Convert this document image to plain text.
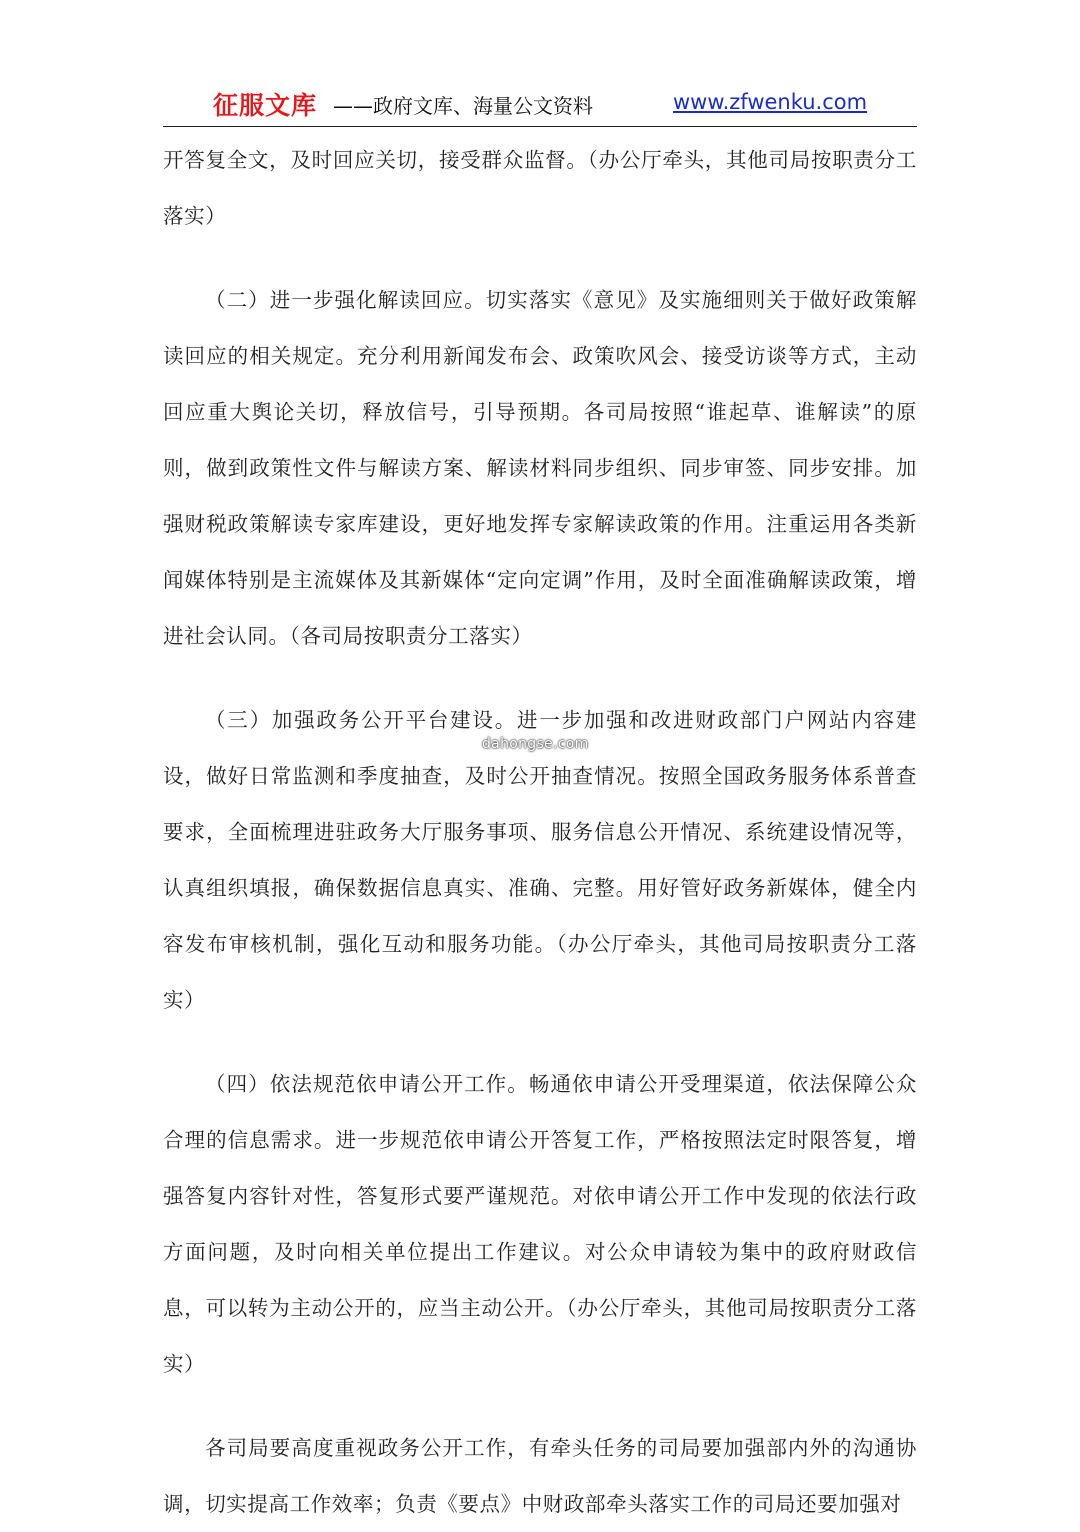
征服文库 ——政府文库、海量公文资料	www.zfwenku.com

开答复全文，及时回应关切，接受群众监督。（办公厅牵头，其他司局按职责分工落实）

（二）进一步强化解读回应。切实落实《意见》及实施细则关于做好政策解读回应的相关规定。充分利用新闻发布会、政策吹风会、接受访谈等方式，主动回应重大舆论关切，释放信号，引导预期。各司局按照“谁起草、谁解读”的原则，做到政策性文件与解读方案、解读材料同步组织、同步审签、同步安排。加强财税政策解读专家库建设，更好地发挥专家解读政策的作用。注重运用各类新闻媒体特别是主流媒体及其新媒体“定向定调”作用，及时全面准确解读政策，增进社会认同。（各司局按职责分工落实）

（三）加强政务公开平台建设。进一步加强和改进财政部门户网站内容建设，做好日常监测和季度抽查，及时公开抽查情况。按照全国政务服务体系普查要求，全面梳理进驻政务大厅服务事项、服务信息公开情况、系统建设情况等，认真组织填报，确保数据信息真实、准确、完整。用好管好政务新媒体，健全内容发布审核机制，强化互动和服务功能。（办公厅牵头，其他司局按职责分工落实）

（四）依法规范依申请公开工作。畅通依申请公开受理渠道，依法保障公众合理的信息需求。进一步规范依申请公开答复工作，严格按照法定时限答复，增强答复内容针对性，答复形式要严谨规范。对依申请公开工作中发现的依法行政方面问题，及时向相关单位提出工作建议。对公众申请较为集中的政府财政信息，可以转为主动公开的，应当主动公开。（办公厅牵头，其他司局按职责分工落实）

各司局要高度重视政务公开工作，有牵头任务的司局要加强部内外的沟通协调，切实提高工作效率；负责《要点》中财政部牵头落实工作的司局还要加强对

dahongse.com
